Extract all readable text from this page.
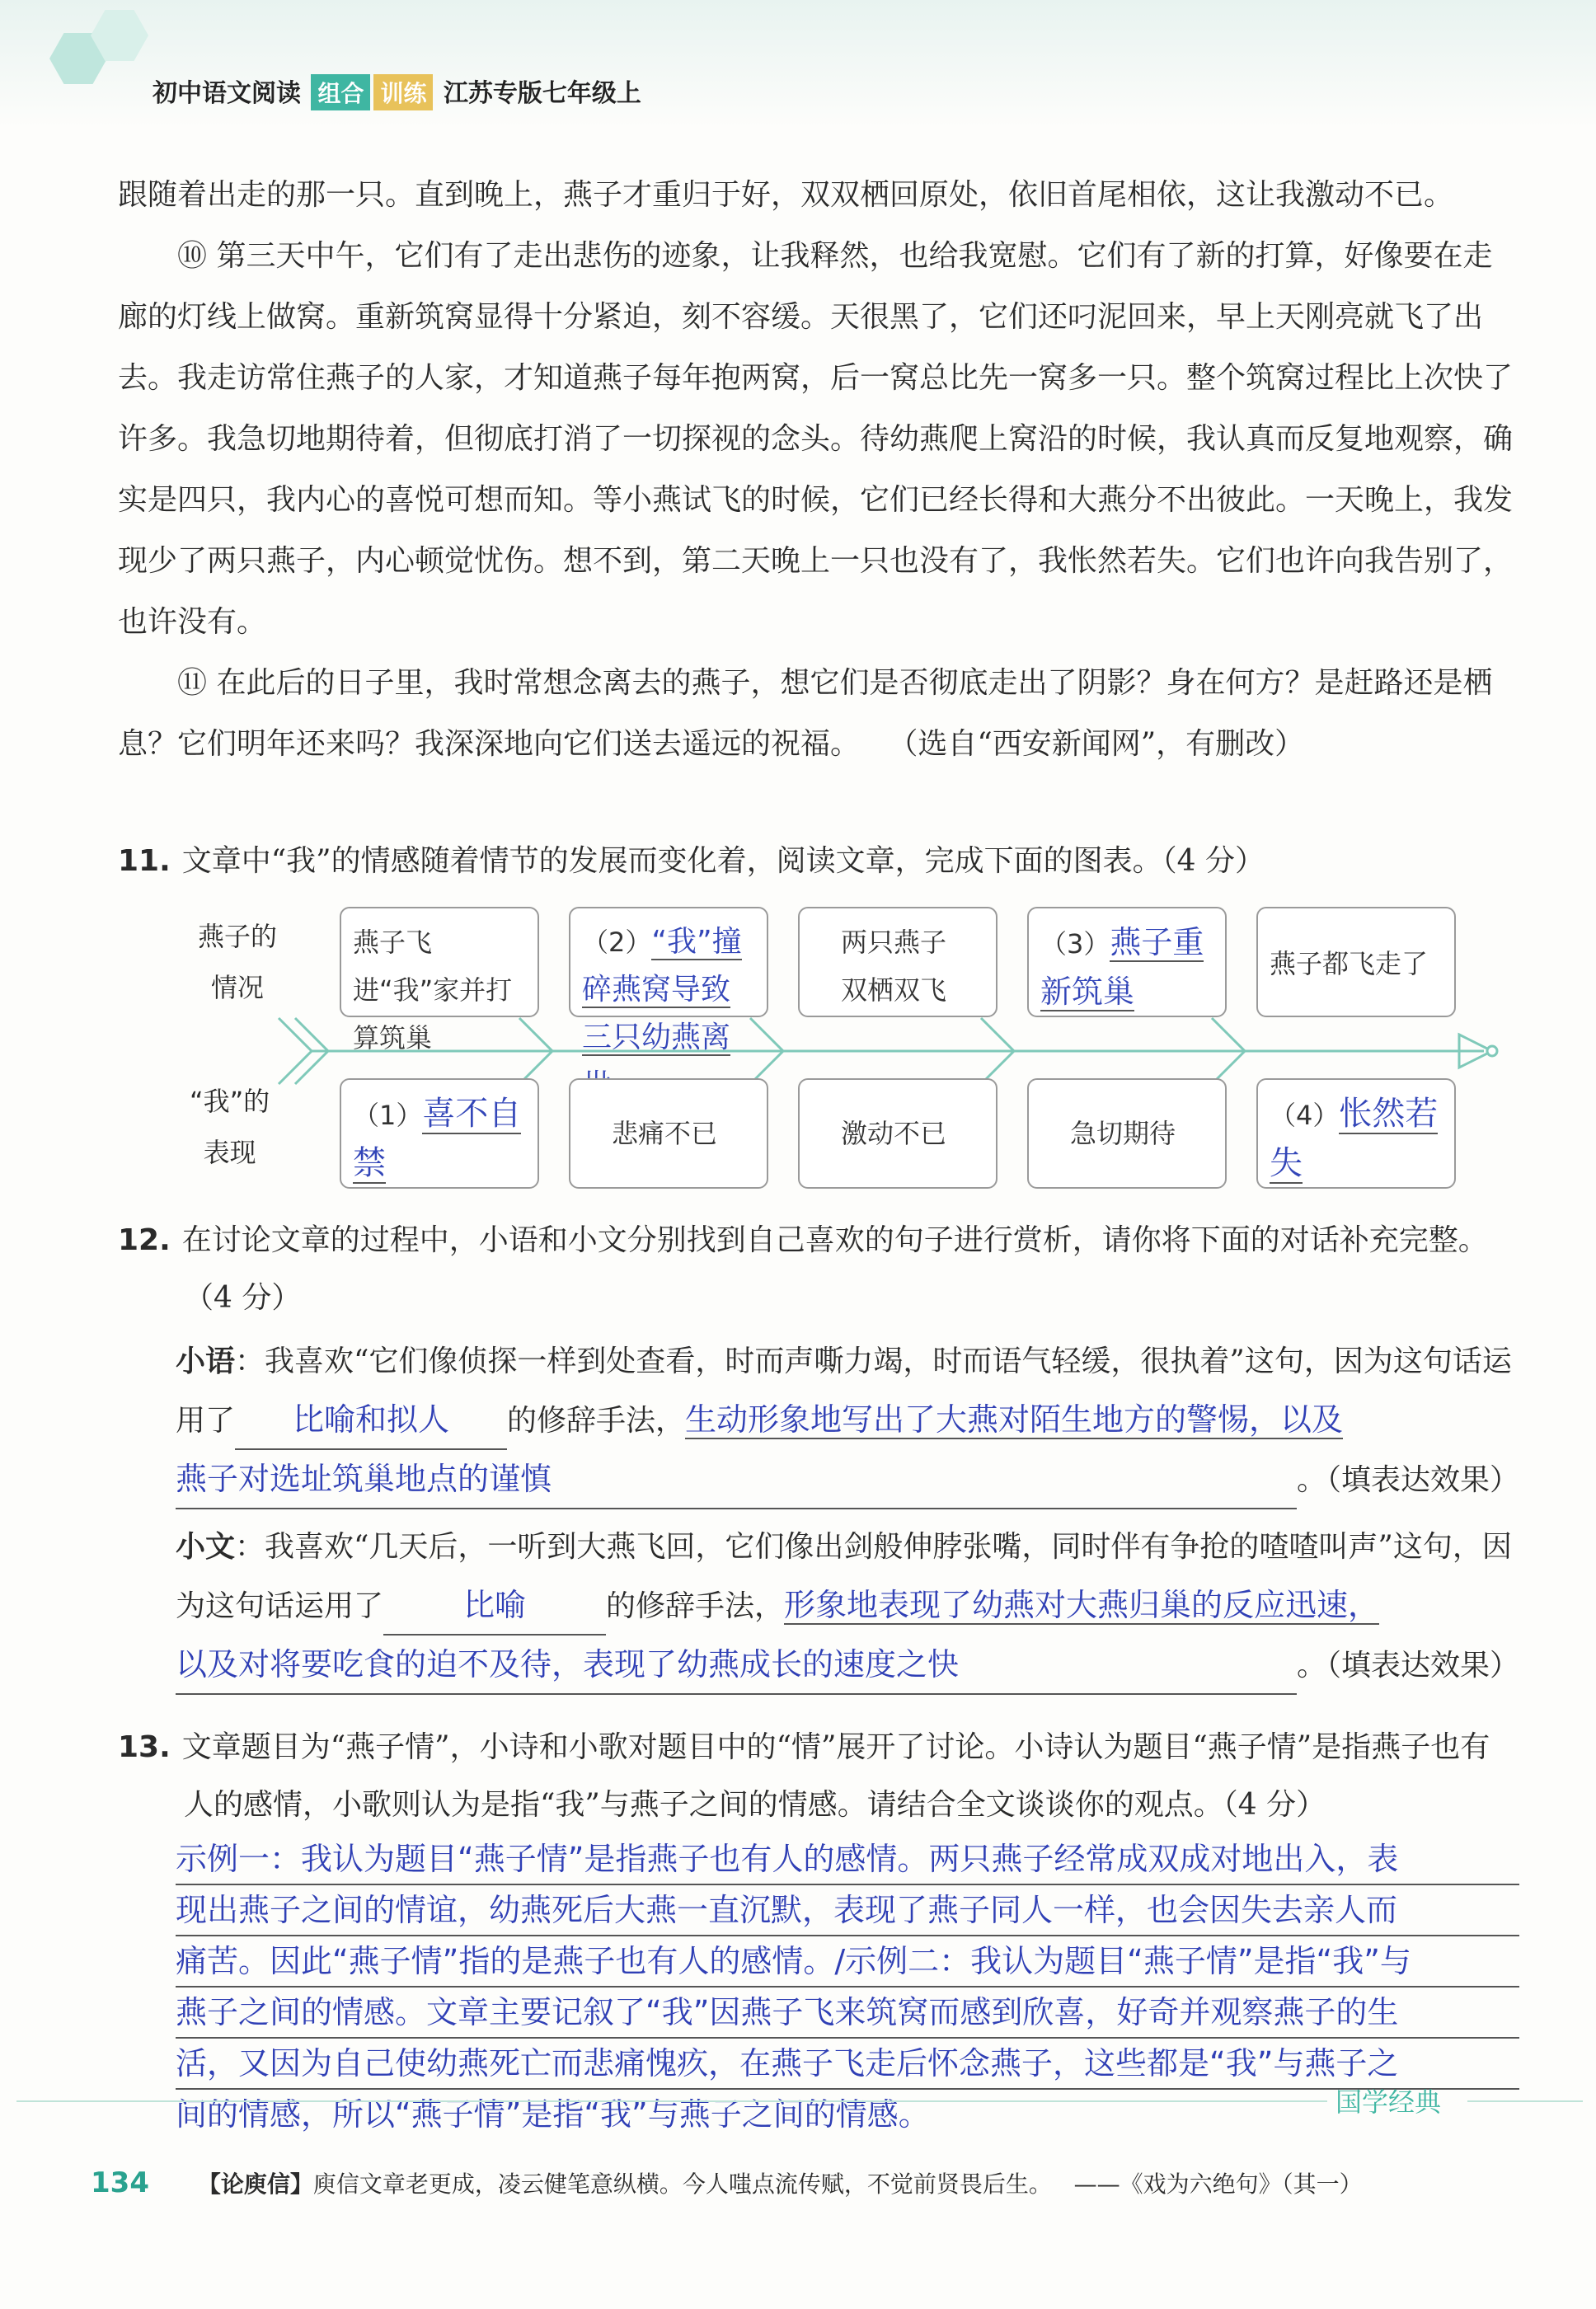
初中语文阅读 组合 训练 江苏专版七年级上

跟随着出走的那一只。直到晚上，燕子才重归于好，双双栖回原处，依旧首尾相依，这让我激动不已。

⑩ 第三天中午，它们有了走出悲伤的迹象，让我释然，也给我宽慰。它们有了新的打算，好像要在走廊的灯线上做窝。重新筑窝显得十分紧迫，刻不容缓。天很黑了，它们还叼泥回来，早上天刚亮就飞了出去。我走访常住燕子的人家，才知道燕子每年抱两窝，后一窝总比先一窝多一只。整个筑窝过程比上次快了许多。我急切地期待着，但彻底打消了一切探视的念头。待幼燕爬上窝沿的时候，我认真而反复地观察，确实是四只，我内心的喜悦可想而知。等小燕试飞的时候，它们已经长得和大燕分不出彼此。一天晚上，我发现少了两只燕子，内心顿觉忧伤。想不到，第二天晚上一只也没有了，我怅然若失。它们也许向我告别了，也许没有。

⑪ 在此后的日子里，我时常想念离去的燕子，想它们是否彻底走出了阴影？身在何方？是赶路还是栖息？它们明年还来吗？我深深地向它们送去遥远的祝福。 （选自“西安新闻网”，有删改）

11. 文章中“我”的情感随着情节的发展而变化着，阅读文章，完成下面的图表。（4 分）
燕子的
情况
“我”的
表现
燕子飞进“我”家并打算筑巢
（2）“我”撞碎燕窝导致三只幼燕离
两只燕子双栖双飞
（3）燕子重新筑巢
燕子都飞走了
（1）喜不自禁
悲痛不已	激动不已	急切期待
（4）怅然若失
12. 在讨论文章的过程中，小语和小文分别找到自己喜欢的句子进行赏析，请你将下面的对话补充完整。（4 分）
小语：我喜欢“它们像侦探一样到处查看，时而声嘶力竭，时而语气轻缓，很执着”这句，因为这句话运用了 比喻和拟人 的修辞手法，生动形象地写出了大燕对陌生地方的警惕，以及
燕子对选址筑巢地点的谨慎	。（填表达效果）
小文：我喜欢“几天后，一听到大燕飞回，它们像出剑般伸脖张嘴，同时伴有争抢的喳喳叫声”这句，因为这句话运用了	比喻	的修辞手法，形象地表现了幼燕对大燕归巢的反应迅速，
以及对将要吃食的迫不及待，表现了幼燕成长的速度之快	。（填表达效果）
13. 文章题目为“燕子情”，小诗和小歌对题目中的“情”展开了讨论。小诗认为题目“燕子情”是指燕子也有人的感情，小歌则认为是指“我”与燕子之间的情感。请结合全文谈谈你的观点。（4 分）
示例一：我认为题目“燕子情”是指燕子也有人的感情。两只燕子经常成双成对地出入，表
现出燕子之间的情谊，幼燕死后大燕一直沉默，表现了燕子同人一样，也会因失去亲人而
痛苦。因此“燕子情”指的是燕子也有人的感情。/示例二：我认为题目“燕子情”是指“我”与
燕子之间的情感。文章主要记叙了“我”因燕子飞来筑窝而感到欣喜，好奇并观察燕子的生
活，又因为自己使幼燕死亡而悲痛愧疚，在燕子飞走后怀念燕子，这些都是“我”与燕子之
间的情感，所以“燕子情”是指“我”与燕子之间的情感。	国学经典
134 【论庾信】庾信文章老更成，凌云健笔意纵横。今人嗤点流传赋，不觉前贤畏后生。 ——《戏为六绝句》（其一）
